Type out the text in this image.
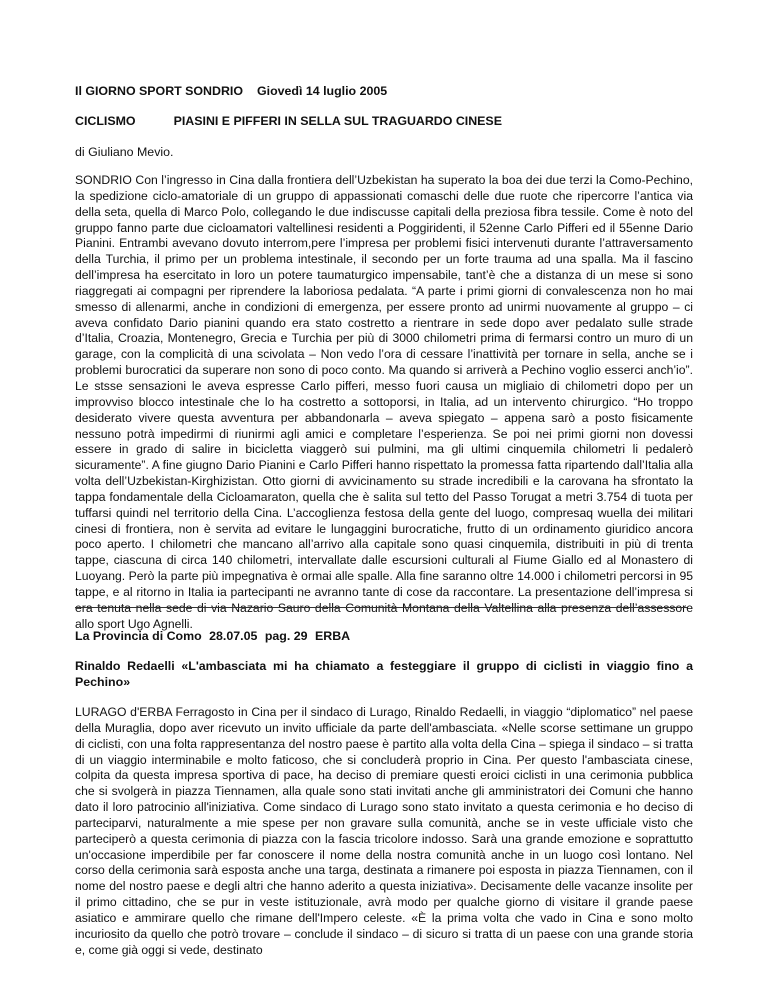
Il GIORNO SPORT SONDRIO Giovedì 14 luglio 2005
CICLISMO	PIASINI E PIFFERI IN SELLA SUL TRAGUARDO CINESE
di Giuliano Mevio.
SONDRIO Con l’ingresso in Cina dalla frontiera dell’Uzbekistan ha superato la boa dei due terzi la Como-Pechino, la spedizione ciclo-amatoriale di un gruppo di appassionati comaschi delle due ruote che ripercorre l’antica via della seta, quella di Marco Polo, collegando le due indiscusse capitali della preziosa fibra tessile. Come è noto del gruppo fanno parte due cicloamatori valtellinesi residenti a Poggiridenti, il 52enne Carlo Pifferi ed il 55enne Dario Pianini. Entrambi avevano dovuto interrom,pere l’impresa per problemi fisici intervenuti durante l’attraversamento della Turchia, il primo per un problema intestinale, il secondo per un forte trauma ad una spalla. Ma il fascino dell’impresa ha esercitato in loro un potere taumaturgico impensabile, tant’è che a distanza di un mese si sono riaggregati ai compagni per riprendere la laboriosa pedalata. “A parte i primi giorni di convalescenza non ho mai smesso di allenarmi, anche in condizioni di emergenza, per essere pronto ad unirmi nuovamente al gruppo – ci aveva confidato Dario pianini quando era stato costretto a rientrare in sede dopo aver pedalato sulle strade d’Italia, Croazia, Montenegro, Grecia e Turchia per più di 3000 chilometri prima di fermarsi contro un muro di un garage, con la complicità di una scivolata – Non vedo l’ora di cessare l’inattività per tornare in sella, anche se i problemi burocratici da superare non sono di poco conto. Ma quando si arriverà a Pechino voglio esserci anch’io”. Le stsse sensazioni le aveva espresse Carlo pifferi, messo fuori causa un migliaio di chilometri dopo per un improvviso blocco intestinale che lo ha costretto a sottoporsi, in Italia, ad un intervento chirurgico. “Ho troppo desiderato vivere questa avventura per abbandonarla – aveva spiegato – appena sarò a posto fisicamente nessuno potrà impedirmi di riunirmi agli amici e completare l’esperienza. Se poi nei primi giorni non dovessi essere in grado di salire in bicicletta viaggerò sui pulmini, ma gli ultimi cinquemila chilometri li pedalerò sicuramente”. A fine giugno Dario Pianini e Carlo Pifferi hanno rispettato la promessa fatta ripartendo dall’Italia alla volta dell’Uzbekistan-Kirghizistan. Otto giorni di avvicinamento su strade incredibili e la carovana ha sfrontato la tappa fondamentale della Cicloamaraton, quella che è salita sul tetto del Passo Torugat a metri 3.754 di tuota per tuffarsi quindi nel territorio della Cina. L’accoglienza festosa della gente del luogo, compresaq wuella dei militari cinesi di frontiera, non è servita ad evitare le lungaggini burocratiche, frutto di un ordinamento giuridico ancora poco aperto. I chilometri che mancano all’arrivo alla capitale sono quasi cinquemila, distribuiti in più di trenta tappe, ciascuna di circa 140 chilometri, intervallate dalle escursioni culturali al Fiume Giallo ed al Monastero di Luoyang. Però la parte più impegnativa è ormai alle spalle. Alla fine saranno oltre 14.000 i chilometri percorsi in 95 tappe, e al ritorno in Italia ia partecipanti ne avranno tante di cose da raccontare. La presentazione dell’impresa si era tenuta nella sede di via Nazario Sauro della Comunità Montana della Valtellina alla presenza dell’assessore allo sport Ugo Agnelli.
La Provincia di Como 28.07.05 pag. 29 ERBA
Rinaldo Redaelli «L'ambasciata mi ha chiamato a festeggiare il gruppo di ciclisti in viaggio fino a Pechino»
LURAGO d'ERBA Ferragosto in Cina per il sindaco di Lurago, Rinaldo Redaelli, in viaggio “diplomatico” nel paese della Muraglia, dopo aver ricevuto un invito ufficiale da parte dell'ambasciata. «Nelle scorse settimane un gruppo di ciclisti, con una folta rappresentanza del nostro paese è partito alla volta della Cina – spiega il sindaco – si tratta di un viaggio interminabile e molto faticoso, che si concluderà proprio in Cina. Per questo l'ambasciata cinese, colpita da questa impresa sportiva di pace, ha deciso di premiare questi eroici ciclisti in una cerimonia pubblica che si svolgerà in piazza Tiennamen, alla quale sono stati invitati anche gli amministratori dei Comuni che hanno dato il loro patrocinio all'iniziativa. Come sindaco di Lurago sono stato invitato a questa cerimonia e ho deciso di parteciparvi, naturalmente a mie spese per non gravare sulla comunità, anche se in veste ufficiale visto che parteciperò a questa cerimonia di piazza con la fascia tricolore indosso. Sarà una grande emozione e soprattutto un'occasione imperdibile per far conoscere il nome della nostra comunità anche in un luogo così lontano. Nel corso della cerimonia sarà esposta anche una targa, destinata a rimanere poi esposta in piazza Tiennamen, con il nome del nostro paese e degli altri che hanno aderito a questa iniziativa». Decisamente delle vacanze insolite per il primo cittadino, che se pur in veste istituzionale, avrà modo per qualche giorno di visitare il grande paese asiatico e ammirare quello che rimane dell'Impero celeste. «È la prima volta che vado in Cina e sono molto incuriosito da quello che potrò trovare – conclude il sindaco – di sicuro si tratta di un paese con una grande storia e, come già oggi si vede, destinato
